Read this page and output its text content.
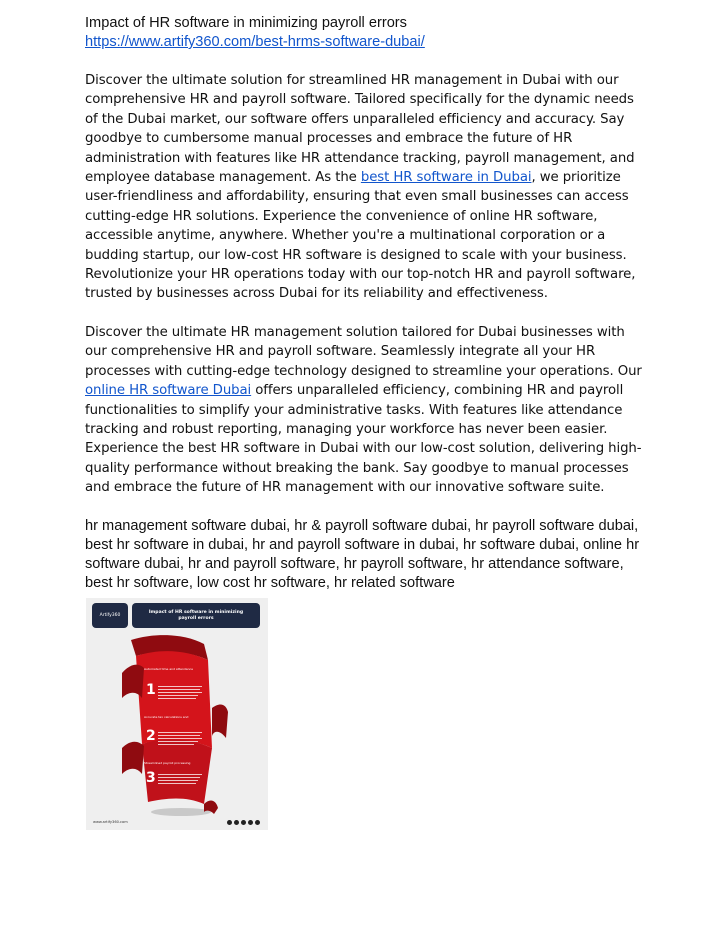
Impact of HR software in minimizing payroll errors

https://www.artify360.com/best-hrms-software-dubai/

Discover the ultimate solution for streamlined HR management in Dubai with our comprehensive HR and payroll software. Tailored specifically for the dynamic needs of the Dubai market, our software offers unparalleled efficiency and accuracy. Say goodbye to cumbersome manual processes and embrace the future of HR administration with features like HR attendance tracking, payroll management, and employee database management. As the best HR software in Dubai, we prioritize user-friendliness and affordability, ensuring that even small businesses can access cutting-edge HR solutions. Experience the convenience of online HR software, accessible anytime, anywhere. Whether you're a multinational corporation or a budding startup, our low-cost HR software is designed to scale with your business. Revolutionize your HR operations today with our top-notch HR and payroll software, trusted by businesses across Dubai for its reliability and effectiveness.

Discover the ultimate HR management solution tailored for Dubai businesses with our comprehensive HR and payroll software. Seamlessly integrate all your HR processes with cutting-edge technology designed to streamline your operations. Our online HR software Dubai offers unparalleled efficiency, combining HR and payroll functionalities to simplify your administrative tasks. With features like attendance tracking and robust reporting, managing your workforce has never been easier. Experience the best HR software in Dubai with our low-cost solution, delivering high-quality performance without breaking the bank. Say goodbye to manual processes and embrace the future of HR management with our innovative software suite.

hr management software dubai, hr & payroll software dubai, hr payroll software dubai, best hr software in dubai, hr and payroll software in dubai, hr software dubai, online hr software dubai, hr and payroll software, hr payroll software, hr attendance software, best hr software, low cost hr software, hr related software

1
2
3
Automated time and attendance
Accurate tax calculations and
Streamlined payroll processing
Artify360
Impact of HR software in minimizing payroll errors
www.artify360.com
